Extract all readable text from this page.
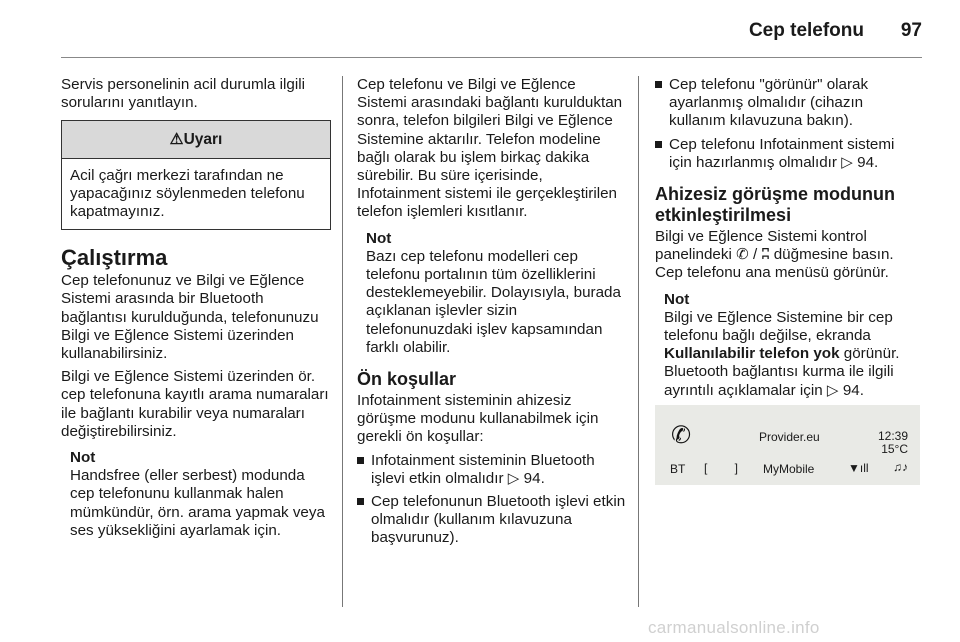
Cep telefonu 97

Servis personelinin acil durumla ilgili sorularını yanıtlayın.

⚠Uyarı
Acil çağrı merkezi tarafından ne yapacağınız söylenmeden telefonu kapatmayınız.
Çalıştırma

Cep telefonunuz ve Bilgi ve Eğlence Sistemi arasında bir Bluetooth bağlantısı kurulduğunda, telefonunuzu Bilgi ve Eğlence Sistemi üzerinden kullanabilirsiniz.

Bilgi ve Eğlence Sistemi üzerinden ör. cep telefonuna kayıtlı arama numaraları ile bağlantı kurabilir veya numaraları değiştirebilirsiniz.

Not
Handsfree (eller serbest) modunda cep telefonunu kullanmak halen mümkündür, örn. arama yapmak veya ses yüksekliğini ayarlamak için.

Cep telefonu ve Bilgi ve Eğlence Sistemi arasındaki bağlantı kurulduktan sonra, telefon bilgileri Bilgi ve Eğlence Sistemine aktarılır. Telefon modeline bağlı olarak bu işlem birkaç dakika sürebilir. Bu süre içerisinde, Infotainment sistemi ile gerçekleştirilen telefon işlemleri kısıtlanır.

Not
Bazı cep telefonu modelleri cep telefonu portalının tüm özelliklerini desteklemeyebilir. Dolayısıyla, burada açıklanan işlevler sizin telefonunuzdaki işlev kapsamından farklı olabilir.
Ön koşullar

Infotainment sisteminin ahizesiz görüşme modunu kullanabilmek için gerekli ön koşullar:

Infotainment sisteminin Bluetooth işlevi etkin olmalıdır ▷ 94.
Cep telefonunun Bluetooth işlevi etkin olmalıdır (kullanım kılavuzuna başvurunuz).
Cep telefonu "görünür" olarak ayarlanmış olmalıdır (cihazın kullanım kılavuzuna bakın).
Cep telefonu Infotainment sistemi için hazırlanmış olmalıdır ▷ 94.
Ahizesiz görüşme modunun etkinleştirilmesi

Bilgi ve Eğlence Sistemi kontrol panelindeki ✆ / ʭ düğmesine basın. Cep telefonu ana menüsü görünür.

Not
Bilgi ve Eğlence Sistemine bir cep telefonu bağlı değilse, ekranda Kullanılabilir telefon yok görünür. Bluetooth bağlantısı kurma ile ilgili ayrıntılı açıklamalar için ▷ 94.
✆	Provider.eu	12:39
15°C
BT [ ] MyMobile	▼ıll ♫♪
carmanualsonline.info
